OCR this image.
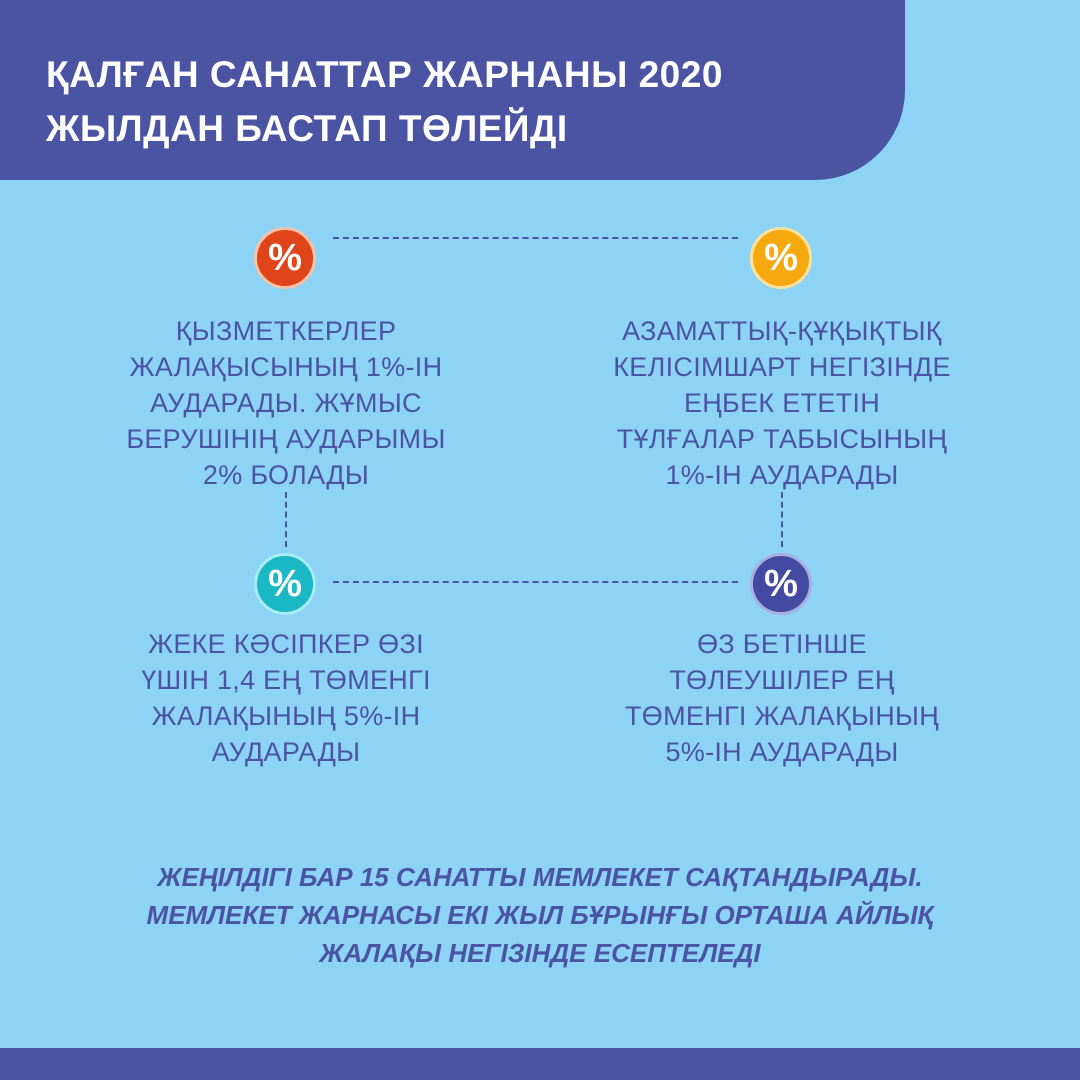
ҚАЛҒАН САНАТТАР ЖАРНАНЫ 2020 ЖЫЛДАН БАСТАП ТӨЛЕЙДІ
%

ҚЫЗМЕТКЕРЛЕР ЖАЛАҚЫСЫНЫҢ 1%-ІН АУДАРАДЫ. ЖҰМЫС БЕРУШІНІҢ АУДАРЫМЫ 2% БОЛАДЫ

%

АЗАМАТТЫҚ-ҚҰҚЫҚТЫҚ КЕЛІСІМШАРТ НЕГІЗІНДЕ ЕҢБЕК ЕТЕТІН ТҰЛҒАЛАР ТАБЫСЫНЫҢ 1%-ІН АУДАРАДЫ

%

ЖЕКЕ КӘСІПКЕР ӨЗІ ҮШІН 1,4 ЕҢ ТӨМЕНГІ ЖАЛАҚЫНЫҢ 5%-ІН АУДАРАДЫ

%

ӨЗ БЕТІНШЕ ТӨЛЕУШІЛЕР ЕҢ ТӨМЕНГІ ЖАЛАҚЫНЫҢ 5%-ІН АУДАРАДЫ

ЖЕҢІЛДІГІ БАР 15 САНАТТЫ МЕМЛЕКЕТ САҚТАНДЫРАДЫ. МЕМЛЕКЕТ ЖАРНАСЫ ЕКІ ЖЫЛ БҰРЫНҒЫ ОРТАША АЙЛЫҚ ЖАЛАҚЫ НЕГІЗІНДЕ ЕСЕПТЕЛЕДІ
